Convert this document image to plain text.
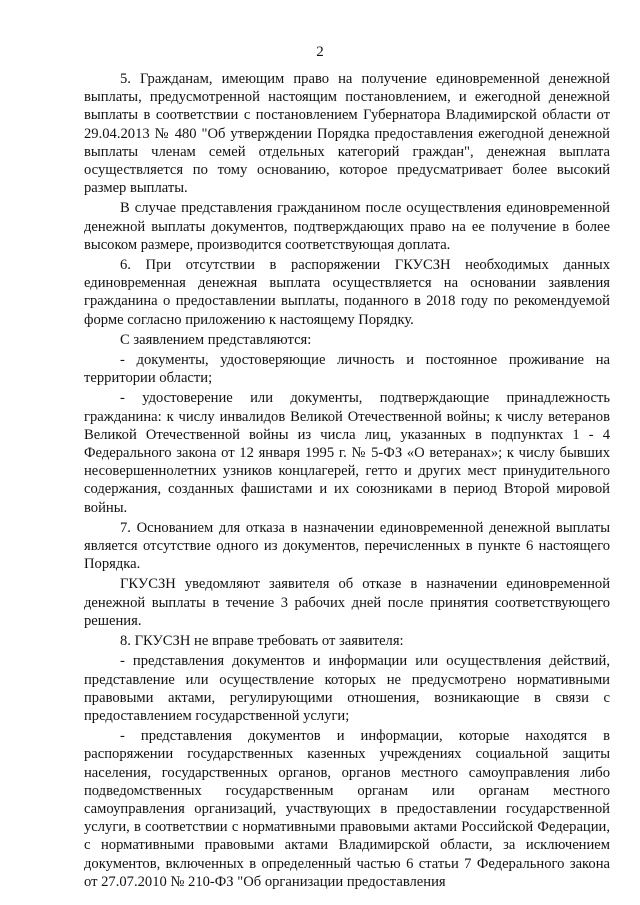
2

5. Гражданам, имеющим право на получение единовременной денежной выплаты, предусмотренной настоящим постановлением, и ежегодной денежной выплаты в соответствии с постановлением Губернатора Владимирской области от 29.04.2013 № 480 "Об утверждении Порядка предоставления ежегодной денежной выплаты членам семей отдельных категорий граждан", денежная выплата осуществляется по тому основанию, которое предусматривает более высокий размер выплаты.

В случае представления гражданином после осуществления единовременной денежной выплаты документов, подтверждающих право на ее получение в более высоком размере, производится соответствующая доплата.

6. При отсутствии в распоряжении ГКУСЗН необходимых данных единовременная денежная выплата осуществляется на основании заявления гражданина о предоставлении выплаты, поданного в 2018 году по рекомендуемой форме согласно приложению к настоящему Порядку.

С заявлением представляются:

- документы, удостоверяющие личность и постоянное проживание на территории области;

- удостоверение или документы, подтверждающие принадлежность гражданина: к числу инвалидов Великой Отечественной войны; к числу ветеранов Великой Отечественной войны из числа лиц, указанных в подпунктах 1 - 4 Федерального закона от 12 января 1995 г. № 5-ФЗ «О ветеранах»; к числу бывших несовершеннолетних узников концлагерей, гетто и других мест принудительного содержания, созданных фашистами и их союзниками в период Второй мировой войны.

7. Основанием для отказа в назначении единовременной денежной выплаты является отсутствие одного из документов, перечисленных в пункте 6 настоящего Порядка.

ГКУСЗН уведомляют заявителя об отказе в назначении единовременной денежной выплаты в течение 3 рабочих дней после принятия соответствующего решения.

8. ГКУСЗН не вправе требовать от заявителя:

- представления документов и информации или осуществления действий, представление или осуществление которых не предусмотрено нормативными правовыми актами, регулирующими отношения, возникающие в связи с предоставлением государственной услуги;

- представления документов и информации, которые находятся в распоряжении государственных казенных учреждениях социальной защиты населения, государственных органов, органов местного самоуправления либо подведомственных государственным органам или органам местного самоуправления организаций, участвующих в предоставлении государственной услуги, в соответствии с нормативными правовыми актами Российской Федерации, с нормативными правовыми актами Владимирской области, за исключением документов, включенных в определенный частью 6 статьи 7 Федерального закона от 27.07.2010 № 210-ФЗ "Об организации предоставления
